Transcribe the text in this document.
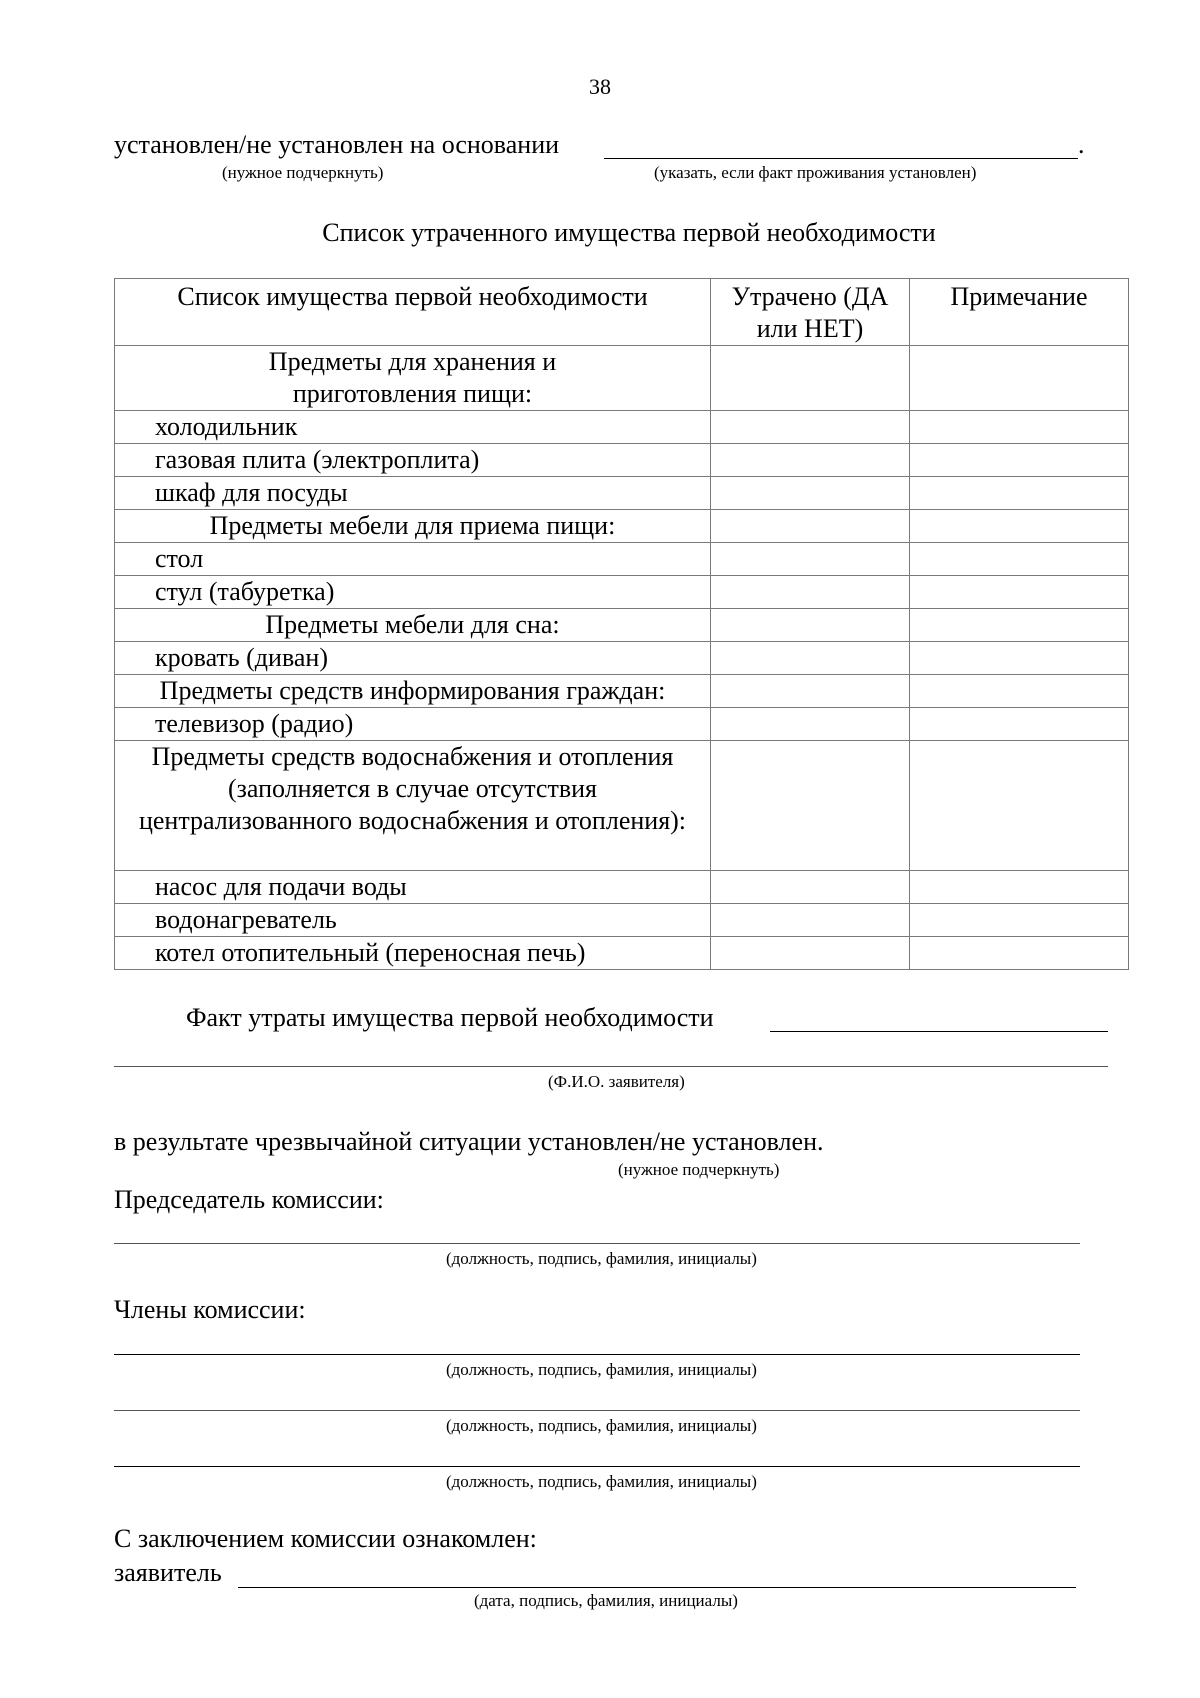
38
установлен/не установлен на основании	.
(нужное подчеркнуть)	(указать, если факт проживания установлен)
Список утраченного имущества первой необходимости
Список имущества первой необходимости	Утрачено (ДА или НЕТ)	Примечание

Предметы для хранения и приготовления пищи:		

холодильник		
газовая плита (электроплита)		
шкаф для посуды		
Предметы мебели для приема пищи:		
стол		
стул (табуретка)		
Предметы мебели для сна:		
кровать (диван)		
Предметы средств информирования граждан:		
телевизор (радио)		

Предметы средств водоснабжения и отопления (заполняется в случае отсутствия централизованного водоснабжения и отопления):		

насос для подачи воды		
водонагреватель		
котел отопительный (переносная печь)		
Факт утраты имущества первой необходимости
(Ф.И.О. заявителя)
в результате чрезвычайной ситуации установлен/не установлен.
(нужное подчеркнуть)
Председатель комиссии:
(должность, подпись, фамилия, инициалы)
Члены комиссии:
(должность, подпись, фамилия, инициалы)
(должность, подпись, фамилия, инициалы)
(должность, подпись, фамилия, инициалы)
С заключением комиссии ознакомлен:
заявитель
(дата, подпись, фамилия, инициалы)
